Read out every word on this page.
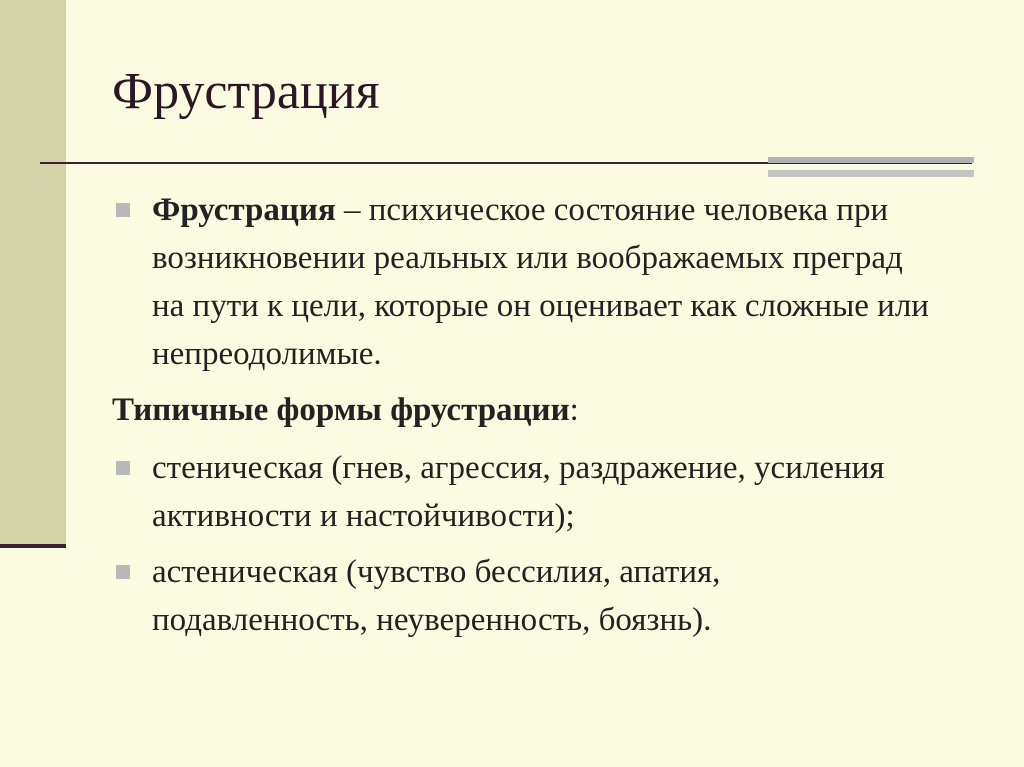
Фрустрация
Фрустрация – психическое состояние человека при возникновении реальных или воображаемых преград на пути к цели, которые он оценивает как сложные или непреодолимые.
Типичные формы фрустрации:
стеническая (гнев, агрессия, раздражение, усиления активности и настойчивости);
астеническая (чувство бессилия, апатия, подавленность, неуверенность, боязнь).
